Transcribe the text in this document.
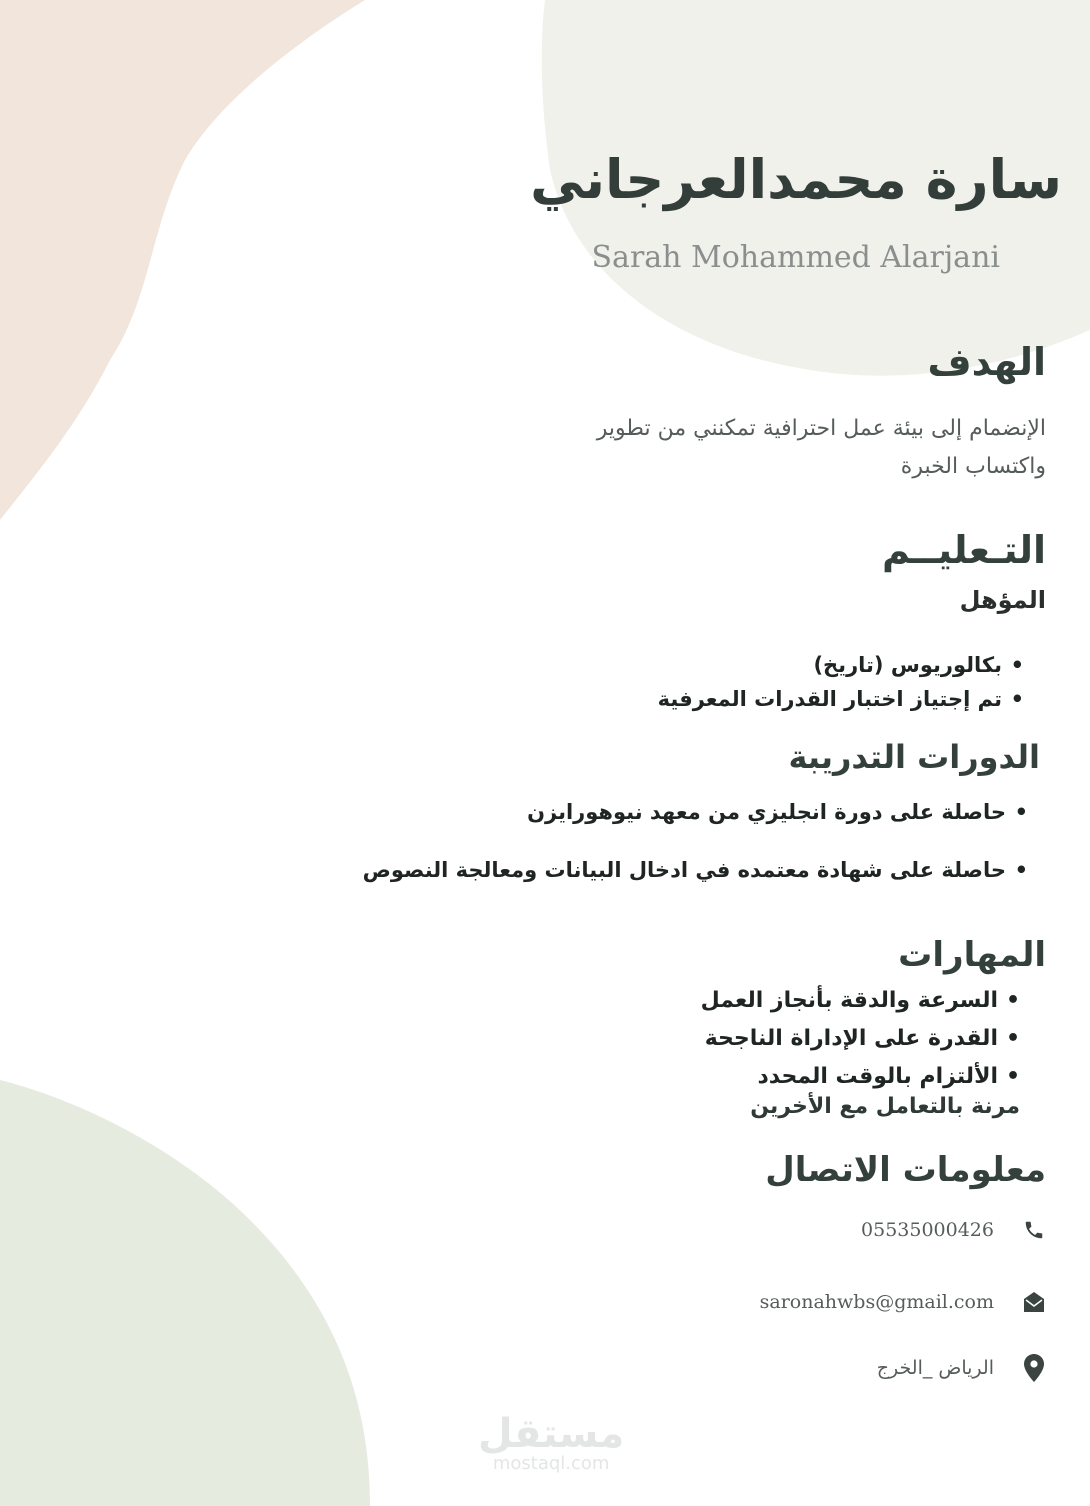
سارة محمدالعرجاني

Sarah Mohammed Alarjani

الهدف
الإنضمام إلى بيئة عمل احترافية تمكنني من تطوير واكتساب الخبرة
التـعليــم

المؤهل

• بكالوريوس (تاريخ)
• تم إجتياز اختبار القدرات المعرفية
الدورات التدريبة
• حاصلة على دورة انجليزي من معهد نيوهورايزن
• حاصلة على شهادة معتمده في ادخال البيانات ومعالجة النصوص
المهارات
• السرعة والدقة بأنجاز العمل
• القدرة على الإداراة الناجحة
• الألتزام بالوقت المحدد
مرنة بالتعامل مع الأخرين
معلومات الاتصال
05535000426
saronahwbs@gmail.com
الرياض _الخرج
مستقل
mostaql.com
